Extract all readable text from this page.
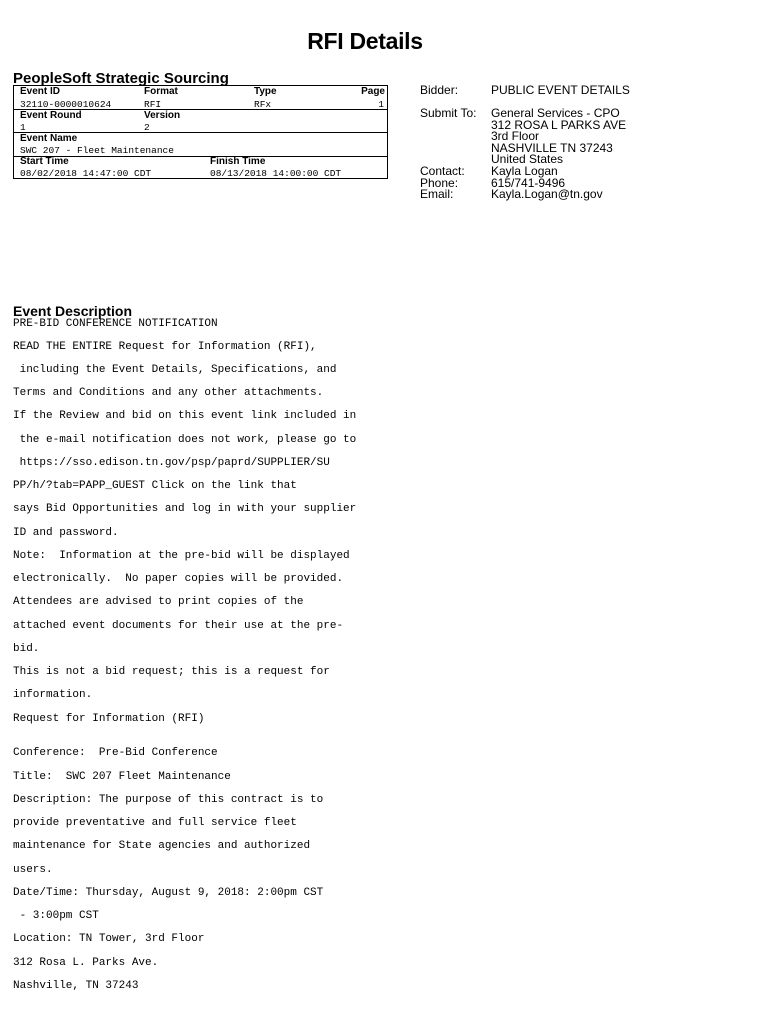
RFI Details
PeopleSoft Strategic Sourcing
Event ID	Format	Type	Page
32110-0000010624	RFI	RFx	1
Event Round	Version
1	2
Event Name
SWC 207 - Fleet Maintenance
Start Time	Finish Time
08/02/2018 14:47:00 CDT	08/13/2018 14:00:00 CDT
Bidder:	PUBLIC EVENT DETAILS
Submit To: General Services - CPO
312 ROSA L PARKS AVE
3rd Floor
NASHVILLE TN 37243
United States
Contact: Kayla Logan
Phone:	615/741-9496
Email:	Kayla.Logan@tn.gov
Event Description
PRE-BID CONFERENCE NOTIFICATION
READ THE ENTIRE Request for Information (RFI),
including the Event Details, Specifications, and
Terms and Conditions and any other attachments.
If the Review and bid on this event link included in
the e-mail notification does not work, please go to
https://sso.edison.tn.gov/psp/paprd/SUPPLIER/SU
PP/h/?tab=PAPP_GUEST Click on the link that
says Bid Opportunities and log in with your supplier
ID and password.
Note:  Information at the pre-bid will be displayed
electronically.  No paper copies will be provided.
Attendees are advised to print copies of the
attached event documents for their use at the pre-
bid.
This is not a bid request; this is a request for
information.
Request for Information (RFI)
Conference:  Pre-Bid Conference
Title:  SWC 207 Fleet Maintenance
Description: The purpose of this contract is to
provide preventative and full service fleet
maintenance for State agencies and authorized
users.
Date/Time: Thursday, August 9, 2018: 2:00pm CST
- 3:00pm CST
Location: TN Tower, 3rd Floor
312 Rosa L. Parks Ave.
Nashville, TN 37243
